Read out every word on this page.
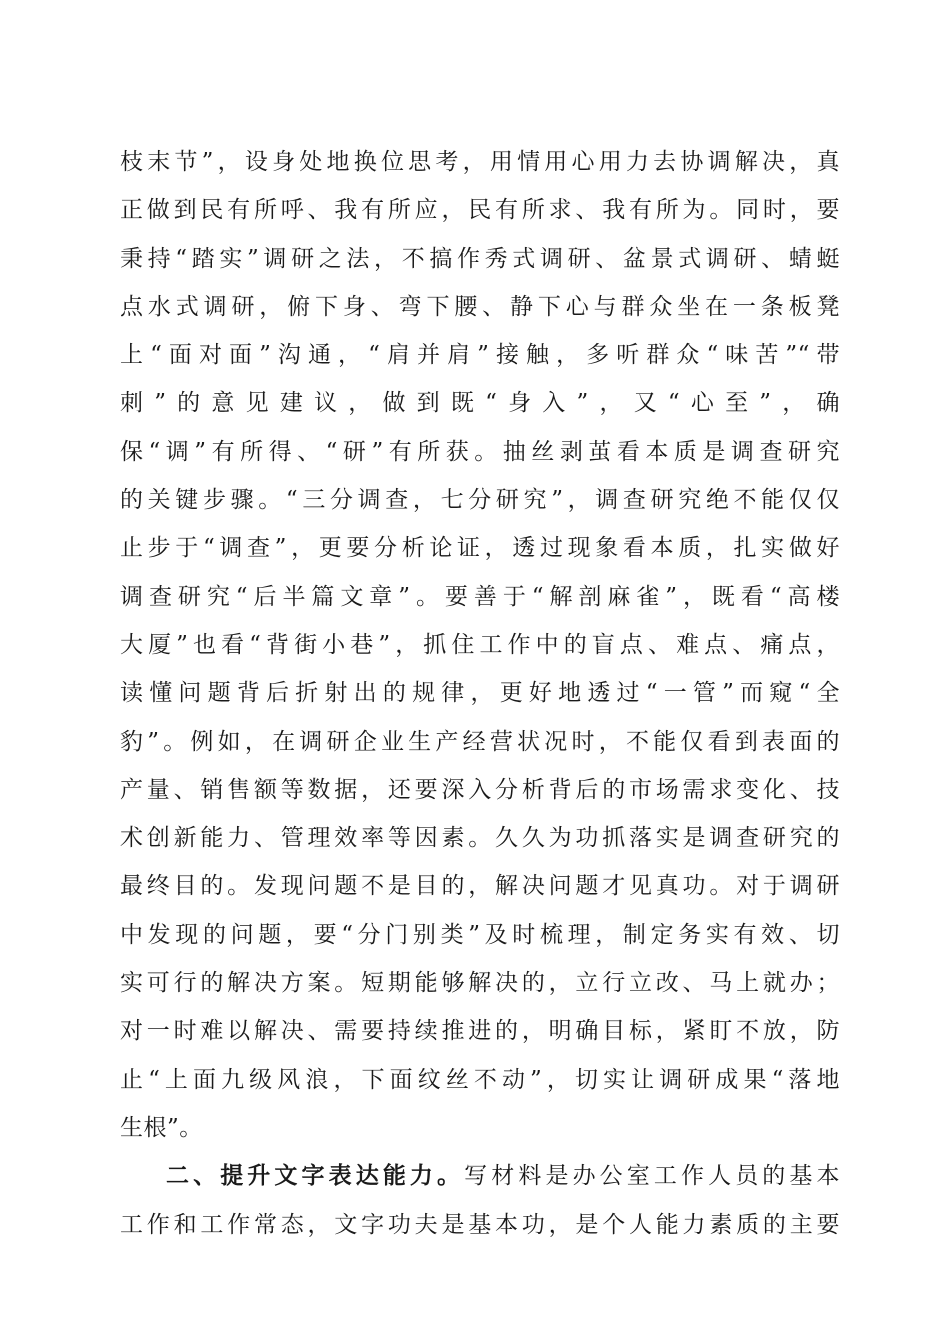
枝末节”，设身处地换位思考，用情用心用力去协调解决，真
正做到民有所呼、我有所应，民有所求、我有所为。同时，要
秉持“踏实”调研之法，不搞作秀式调研、盆景式调研、蜻蜓
点水式调研，俯下身、弯下腰、静下心与群众坐在一条板凳
上“面对面”沟通，“肩并肩”接触，多听群众“味苦”“带
刺”的意见建议，做到既“身入”，又“心至”，确
保“调”有所得、“研”有所获。抽丝剥茧看本质是调查研究
的关键步骤。“三分调查，七分研究”，调查研究绝不能仅仅
止步于“调查”，更要分析论证，透过现象看本质，扎实做好
调查研究“后半篇文章”。要善于“解剖麻雀”，既看“高楼
大厦”也看“背街小巷”，抓住工作中的盲点、难点、痛点，
读懂问题背后折射出的规律，更好地透过“一管”而窥“全
豹”。例如，在调研企业生产经营状况时，不能仅看到表面的
产量、销售额等数据，还要深入分析背后的市场需求变化、技
术创新能力、管理效率等因素。久久为功抓落实是调查研究的
最终目的。发现问题不是目的，解决问题才见真功。对于调研
中发现的问题，要“分门别类”及时梳理，制定务实有效、切
实可行的解决方案。短期能够解决的，立行立改、马上就办；
对一时难以解决、需要持续推进的，明确目标，紧盯不放，防
止“上面九级风浪，下面纹丝不动”，切实让调研成果“落地
生根”。
二、提升文字表达能力。写材料是办公室工作人员的基本
工作和工作常态，文字功夫是基本功，是个人能力素质的主要
